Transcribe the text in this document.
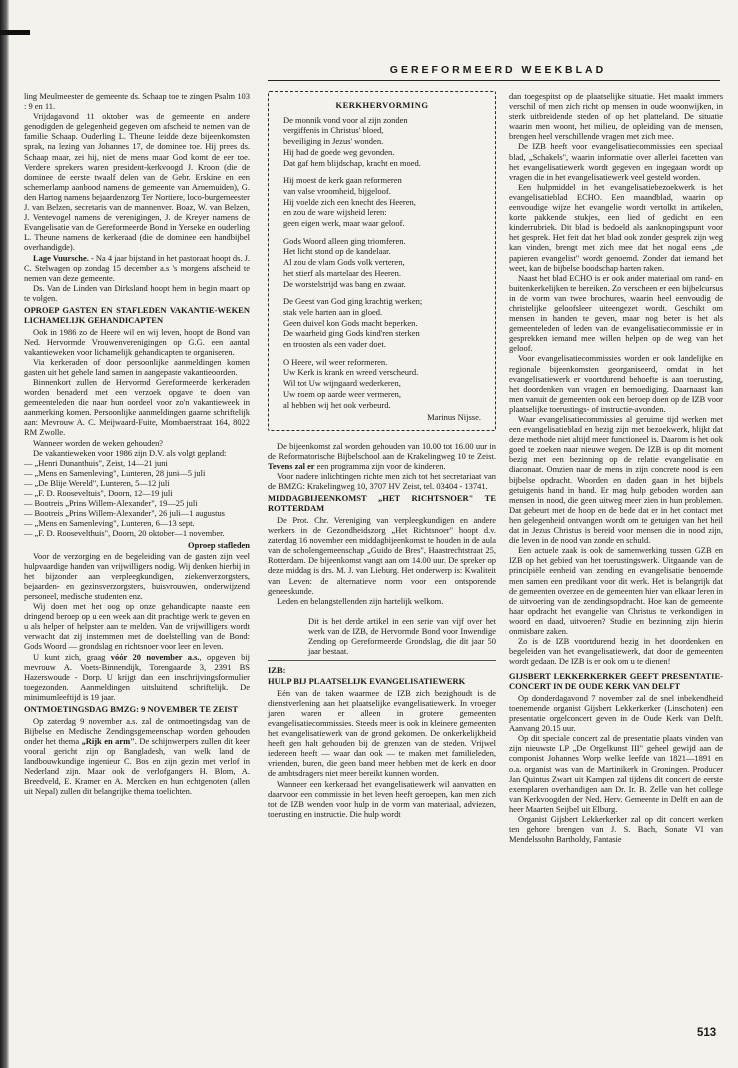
GEREFORMEERD WEEKBLAD

ling Meulmeester de gemeente ds. Schaap toe te zingen Psalm 103 : 9 en 11.

Vrijdagavond 11 oktober was de gemeente en andere genodigden de gelegenheid gegeven om afscheid te nemen van de familie Schaap. Ouderling L. Theune leidde deze bijeenkomsten sprak, na lezing van Johannes 17, de dominee toe. Hij prees ds. Schaap maar, zei hij, niet de mens maar God komt de eer toe. Verdere sprekers waren president-kerkvoogd J. Kroon (die de dominee de eerste twaalf delen van de Gebr. Erskine en een schemerlamp aanbood namens de gemeente van Arnemuiden), G. den Hartog namens bejaardenzorg Ter Nortiere, loco-burgemeester J. van Belzen, secretaris van de mannenver. Boaz, W. van Belzen, J. Ventevogel namens de verenigingen, J. de Kreyer namens de Evangelisatie van de Gereformeerde Bond in Yerseke en ouderling L. Theune namens de kerkeraad (die de dominee een handbijbel overhandigde).

Lage Vuursche. - Na 4 jaar bijstand in het pastoraat hoopt ds. J. C. Stelwagen op zondag 15 december a.s 's morgens afscheid te nemen van deze gemeente.

Ds. Van de Linden van Dirksland hoopt hem in begin maart op te volgen.

OPROEP GASTEN EN STAFLEDEN VAKANTIE-WEKEN LICHAMELIJK GEHANDICAPTEN

Ook in 1986 zo de Heere wil en wij leven, hoopt de Bond van Ned. Hervormde Vrouwenverenigingen op G.G. een aantal vakantieweken voor lichamelijk gehandicapten te organiseren.

Via kerkeraden of door persoonlijke aanmeldingen komen gasten uit het gehele land samen in aangepaste vakantieoorden.

Binnenkort zullen de Hervormd Gereformeerde kerkeraden worden benaderd met een verzoek opgave te doen van gemeenteleden die naar hun oordeel voor zo'n vakantieweek in aanmerking komen. Persoonlijke aanmeldingen gaarne schriftelijk aan: Mevrouw A. C. Meijwaard-Fuite, Mombaerstraat 164, 8022 RM Zwolle.

Wanneer worden de weken gehouden?

De vakantieweken voor 1986 zijn D.V. als volgt gepland:

— „Henri Dunanthuis", Zeist, 14—21 juni
— „Mens en Samenleving", Lunteren, 28 juni—5 juli
— „De Blije Wereld", Lunteren, 5—12 juli
— „F. D. Rooseveltuis", Doorn, 12—19 juli
— Bootreis „Prins Willem-Alexander", 19—25 juli
— Bootreis „Prins Willem-Alexander", 26 juli—1 augustus
— „Mens en Samenleving", Lunteren, 6—13 sept.
— „F. D. Roosevelthuis", Doorn, 20 oktober—1 november.
Oproep stafleden

Voor de verzorging en de begeleiding van de gasten zijn veel hulpvaardige handen van vrijwilligers nodig. Wij denken hierbij in het bijzonder aan verpleegkundigen, ziekenverzorgsters, bejaarden- en gezinsverzorgsters, huisvrouwen, onderwijzend personeel, medische studenten enz.

Wij doen met het oog op onze gehandicapte naaste een dringend beroep op u een week aan dit prachtige werk te geven en u als helper of helpster aan te melden. Van de vrijwilligers wordt verwacht dat zij instemmen met de doelstelling van de Bond: Gods Woord — grondslag en richtsnoer voor leer en leven.

U kunt zich, graag vóór 20 november a.s., opgeven bij mevrouw A. Voets-Binnendijk, Torengaarde 3, 2391 BS Hazerswoude - Dorp. U krijgt dan een inschrijvingsformulier toegezonden. Aanmeldingen uitsluitend schriftelijk. De minimumleeftijd is 19 jaar.

ONTMOETINGSDAG BMZG: 9 NOVEMBER TE ZEIST

Op zaterdag 9 november a.s. zal de ontmoetingsdag van de Bijbelse en Medische Zendingsgemeenschap worden gehouden onder het thema „Rijk en arm". De schijnwerpers zullen dit keer vooral gericht zijn op Bangladesh, van welk land de landbouwkundige ingenieur C. Bos en zijn gezin met verlof in Nederland zijn. Maar ook de verlofgangers H. Blom, A. Breedveld, E. Kramer en A. Mercken en hun echtgenoten (allen uit Nepal) zullen dit belangrijke thema toelichten.

KERKHERVORMING
De monnik vond voor al zijn zonden
vergiffenis in Christus' bloed,
beveiliging in Jezus' wonden.
Hij had de goede weg gevonden.
Dat gaf hem blijdschap, kracht en moed.
Hij moest de kerk gaan reformeren
van valse vroomheid, bijgeloof.
Hij voelde zich een knecht des Heeren,
en zou de ware wijsheid leren:
geen eigen werk, maar waar geloof.
Gods Woord alleen ging triomferen.
Het licht stond op de kandelaar.
Al zou de vlam Gods volk verteren,
het stierf als martelaar des Heeren.
De worstelstrijd was bang en zwaar.
De Geest van God ging krachtig werken;
stak vele harten aan in gloed.
Geen duivel kon Gods macht beperken.
De waarheid ging Gods kind'ren sterken
en troosten als een vader doet.
O Heere, wil weer reformeren.
Uw Kerk is krank en wreed verscheurd.
Wil tot Uw wijngaard wederkeren,
Uw roem op aarde weer vermeren,
al hebben wij het ook verbeurd.
Marinus Nijsse.

De bijeenkomst zal worden gehouden van 10.00 tot 16.00 uur in de Reformatorische Bijbelschool aan de Krakelingweg 10 te Zeist. Tevens zal er een programma zijn voor de kinderen.

Voor nadere inlichtingen richte men zich tot het secretariaat van de BMZG: Krakelingweg 10, 3707 HV Zeist, tel. 03404 - 13741.

MIDDAGBIJEENKOMST „HET RICHTSNOER" TE ROTTERDAM

De Prot. Chr. Vereniging van verpleegkundigen en andere werkers in de Gezondheidszorg „Het Richtsnoer" hoopt d.v. zaterdag 16 november een middagbijeenkomst te houden in de aula van de scholengemeenschap „Guido de Bres", Haastrechtstraat 25, Rotterdam. De bijeenkomst vangt aan om 14.00 uur. De spreker op deze middag is drs. M. J. van Lieburg. Het onderwerp is: Kwaliteit van Leven: de alternatieve norm voor een ontsporende geneeskunde.

Leden en belangstellenden zijn hartelijk welkom.

Dit is het derde artikel in een serie van vijf over het werk van de IZB, de Hervormde Bond voor Inwendige Zending op Gereformeerde Grondslag, die dit jaar 50 jaar bestaat.

IZB:
HULP BIJ PLAATSELIJK EVANGELISATIEWERK

Eén van de taken waarmee de IZB zich bezighoudt is de dienstverlening aan het plaatselijke evangelisatiewerk. In vroeger jaren waren er alleen in grotere gemeenten evangelisatiecommissies. Steeds meer is ook in kleinere gemeenten het evangelisatiewerk van de grond gekomen. De onkerkelijkheid heeft gen halt gehouden bij de grenzen van de steden. Vrijwel iedereen heeft — waar dan ook — te maken met familieleden, vrienden, buren, die geen band meer hebben met de kerk en door de ambtsdragers niet meer bereikt kunnen worden.

Wanneer een kerkeraad het evangelisatiewerk wil aanvatten en daarvoor een commissie in het leven heeft geroepen, kan men zich tot de IZB wenden voor hulp in de vorm van materiaal, adviezen, toerusting en instructie. Die hulp wordt

dan toegespitst op de plaatselijke situatie. Het maakt immers verschil of men zich richt op mensen in oude woonwijken, in sterk uitbreidende steden of op het platteland. De situatie waarin men woont, het milieu, de opleiding van de mensen, brengen heel verschillende vragen met zich mee.

De IZB heeft voor evangelisatiecommissies een speciaal blad, „Schakels", waarin informatie over allerlei facetten van het evangelisatiewerk wordt gegeven en ingegaan wordt op vragen die in het evangelisatiewerk veel gesteld worden.

Een hulpmiddel in het evangelisatiebezoekwerk is het evangelisatieblad ECHO. Een maandblad, waarin op eenvoudige wijze het evangelie wordt vertolkt in artikelen, korte pakkende stukjes, een lied of gedicht en een kinderrubriek. Dit blad is bedoeld als aanknopingspunt voor het gesprek. Het feit dat het blad ook zonder gesprek zijn weg kan vinden, brengt met zich mee dat het nogal eens „de papieren evangelist" wordt genoemd. Zonder dat iemand het weet, kan de bijbelse boodschap harten raken.

Naast het blad ECHO is er ook ander materiaal om rand- en buitenkerkelijken te bereiken. Zo verscheen er een bijbelcursus in de vorm van twee brochures, waarin heel eenvoudig de christelijke geloofsleer uiteengezet wordt. Geschikt om mensen in handen te geven, maar nog beter is het als gemeenteleden of leden van de evangelisatiecommissie er in gesprekken iemand mee willen helpen op de weg van het geloof.

Voor evangelisatiecommissies worden er ook landelijke en regionale bijeenkomsten georganiseerd, omdat in het evangelisatiewerk er voortdurend behoefte is aan toerusting, het doordenken van vragen en bemoediging. Daarnaast kan men vanuit de gemeenten ook een beroep doen op de IZB voor plaatselijke toerustings- of instructie-avonden.

Waar evangelisatiecommissies al geruime tijd werken met een evangelisatieblad en bezig zijn met bezoekwerk, blijkt dat deze methode niet altijd meer functioneel is. Daarom is het ook goed te zoeken naar nieuwe wegen. De IZB is op dit moment bezig met een bezinning op de relatie evangelisatie en diaconaat. Omzien naar de mens in zijn concrete nood is een bijbelse opdracht. Woorden en daden gaan in het bijbels getuigenis hand in hand. Er mag hulp geboden worden aan mensen in nood, die geen uitweg meer zien in hun problemen. Dat gebeurt met de hoop en de bede dat er in het contact met hen gelegenheid ontvangen wordt om te getuigen van het heil dat in Jezus Christus is bereid voor mensen die in nood zijn, die leven in de nood van zonde en schuld.

Een actuele zaak is ook de samenwerking tussen GZB en IZB op het gebied van het toerustingswerk. Uitgaande van de principiële eenheid van zending en evangelisatie benoemde men samen een predikant voor dit werk. Het is belangrijk dat de gemeenten overzee en de gemeenten hier van elkaar leren in de uitvoering van de zendingsopdracht. Hoe kan de gemeente haar opdracht het evangelie van Christus te verkondigen in woord en daad, uitvoeren? Studie en bezinning zijn hierin onmisbare zaken.

Zo is de IZB voortdurend bezig in het doordenken en begeleiden van het evangelisatiewerk, dat door de gemeenten wordt gedaan. De IZB is er ook om u te dienen!

GIJSBERT LEKKERKERKER GEEFT PRESENTATIE-CONCERT IN DE OUDE KERK VAN DELFT

Op donderdagavond 7 november zal de snel inbekendheid toenemende organist Gijsbert Lekkerkerker (Linschoten) een presentatie orgelconcert geven in de Oude Kerk van Delft. Aanvang 20.15 uur.

Op dit speciale concert zal de presentatie plaats vinden van zijn nieuwste LP „De Orgelkunst III" geheel gewijd aan de componist Johannes Worp welke leefde van 1821—1891 en o.a. organist was van de Martinikerk in Groningen. Producer Jan Quintus Zwart uit Kampen zal tijdens dit concert de eerste exemplaren overhandigen aan Dr. Ir. B. Zelle van het college van Kerkvoogden der Ned. Herv. Gemeente in Delft en aan de heer Maarten Seijbel uit Elburg.

Organist Gijsbert Lekkerkerker zal op dit concert werken ten gehore brengen van J. S. Bach, Sonate VI van Mendelssohn Bartholdy, Fantasie

513
